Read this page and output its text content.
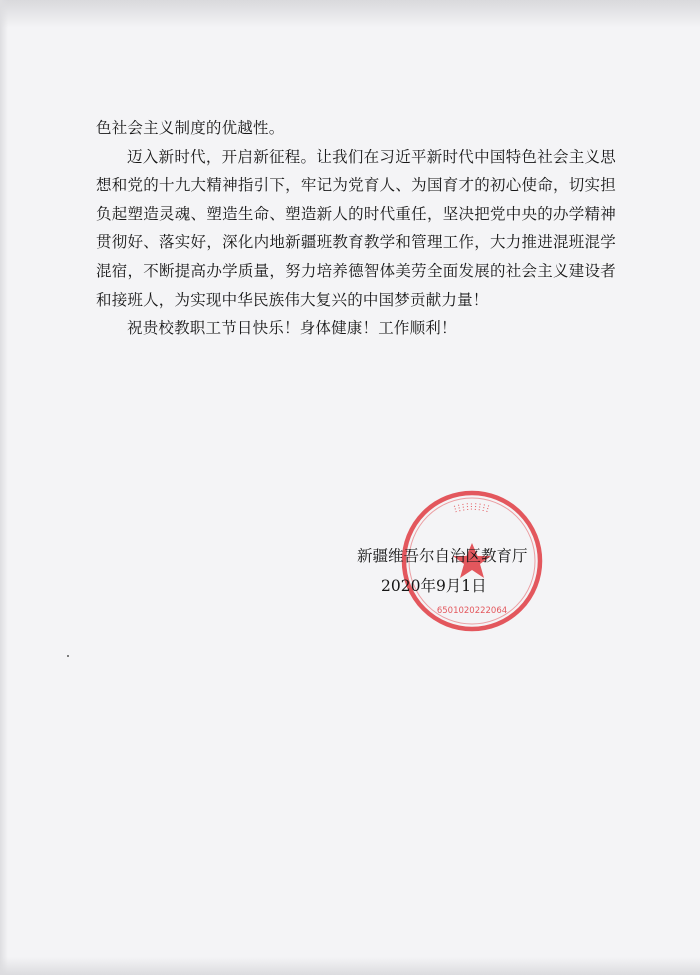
色社会主义制度的优越性。

迈入新时代，开启新征程。让我们在习近平新时代中国特色社会主义思想和党的十九大精神指引下，牢记为党育人、为国育才的初心使命，切实担负起塑造灵魂、塑造生命、塑造新人的时代重任，坚决把党中央的办学精神贯彻好、落实好，深化内地新疆班教育教学和管理工作，大力推进混班混学混宿，不断提高办学质量，努力培养德智体美劳全面发展的社会主义建设者和接班人，为实现中华民族伟大复兴的中国梦贡献力量！

祝贵校教职工节日快乐！身体健康！工作顺利！

ⵗⵗⵗⵗⵗⵗⵗⵗⵗ
6501020222064
新疆维吾尔自治区教育厅
2020年9月1日
